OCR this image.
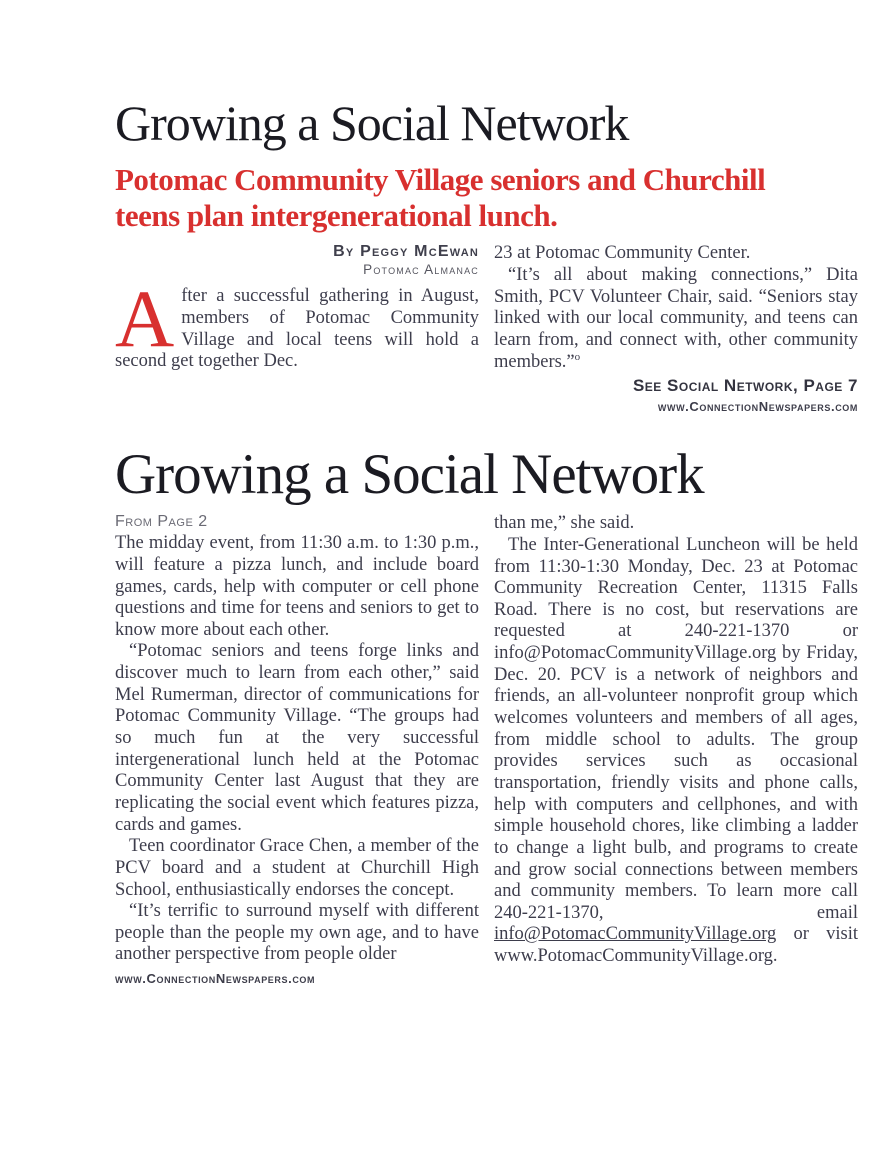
Growing a Social Network
Potomac Community Village seniors and Churchill teens plan intergenerational lunch.
By Peggy McEwan
Potomac Almanac

After a successful gathering in August, members of Potomac Community Village and local teens will hold a second get together Dec.

23 at Potomac Community Center.

“It’s all about making connections,” Dita Smith, PCV Volunteer Chair, said. “Seniors stay linked with our local community, and teens can learn from, and connect with, other community members.”$^o$

See Social Network, Page 7
www.ConnectionNewspapers.com
Growing a Social Network
From Page 2

The midday event, from 11:30 a.m. to 1:30 p.m., will feature a pizza lunch, and include board games, cards, help with computer or cell phone questions and time for teens and seniors to get to know more about each other.

“Potomac seniors and teens forge links and discover much to learn from each other,” said Mel Rumerman, director of communications for Potomac Community Village. “The groups had so much fun at the very successful intergenerational lunch held at the Potomac Community Center last August that they are replicating the social event which features pizza, cards and games.

Teen coordinator Grace Chen, a member of the PCV board and a student at Churchill High School, enthusiastically endorses the concept.

“It’s terrific to surround myself with different people than the people my own age, and to have another perspective from people older

www.ConnectionNewspapers.com

than me,” she said.

The Inter-Generational Luncheon will be held from 11:30-1:30 Monday, Dec. 23 at Potomac Community Recreation Center, 11315 Falls Road. There is no cost, but reservations are requested at 240-221-1370 or info@PotomacCommunityVillage.org by Friday, Dec. 20. PCV is a network of neighbors and friends, an all-volunteer nonprofit group which welcomes volunteers and members of all ages, from middle school to adults. The group provides services such as occasional transportation, friendly visits and phone calls, help with computers and cellphones, and with simple household chores, like climbing a ladder to change a light bulb, and programs to create and grow social connections between members and community members. To learn more call 240-221-1370, email info@PotomacCommunityVillage.org or visit www.PotomacCommunityVillage.org.
